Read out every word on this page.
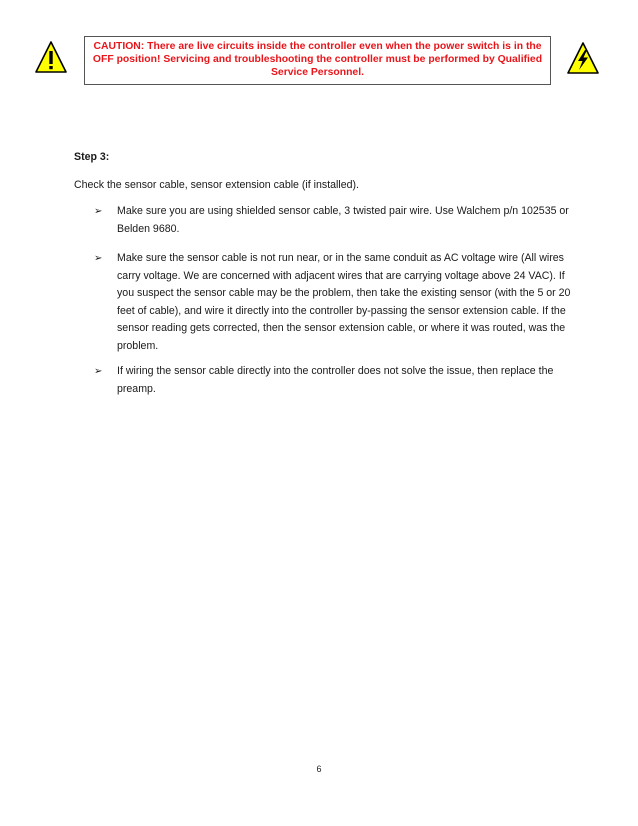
CAUTION: There are live circuits inside the controller even when the power switch is in the OFF position! Servicing and troubleshooting the controller must be performed by Qualified Service Personnel.
Step 3:
Check the sensor cable, sensor extension cable (if installed).
➢	Make sure you are using shielded sensor cable, 3 twisted pair wire. Use Walchem p/n 102535 or Belden 9680.
➢	Make sure the sensor cable is not run near, or in the same conduit as AC voltage wire (All wires carry voltage. We are concerned with adjacent wires that are carrying voltage above 24 VAC). If you suspect the sensor cable may be the problem, then take the existing sensor (with the 5 or 20 feet of cable), and wire it directly into the controller by-passing the sensor extension cable. If the sensor reading gets corrected, then the sensor extension cable, or where it was routed, was the problem.
➢	If wiring the sensor cable directly into the controller does not solve the issue, then replace the preamp.
6
